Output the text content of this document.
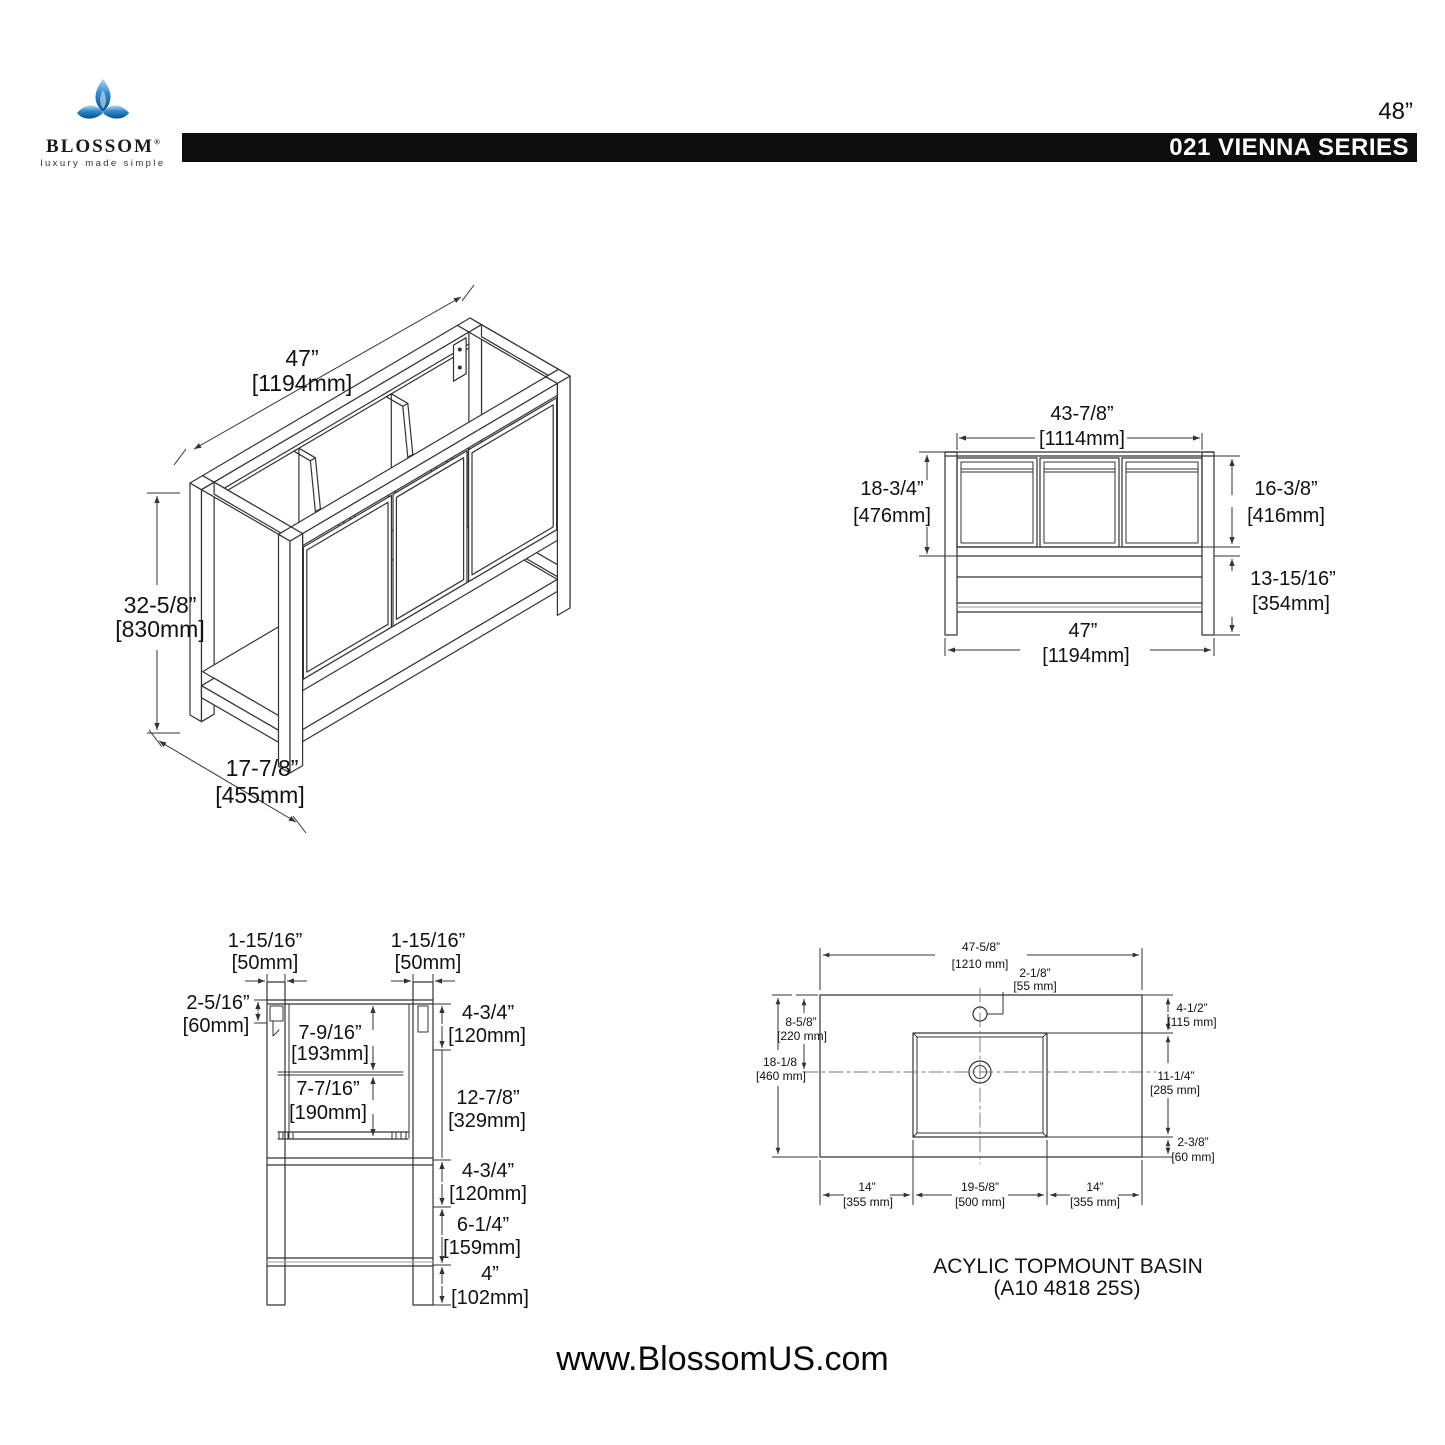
BLOSSOM®
luxury made simple
021 VIENNA SERIES
48”
47”
[1194mm]
32-5/8”
[830mm]
17-7/8”
[455mm]
43-7/8”
[1114mm]
18-3/4”
[476mm]
16-3/8”
[416mm]
13-15/16”
[354mm]
47”
[1194mm]
1-15/16”
[50mm]
1-15/16”
[50mm]
2-5/16”
[60mm] 7-9/16”
[193mm]
7-7/16”
[190mm]
4-3/4”
[120mm]
12-7/8”
[329mm]
4-3/4”
[120mm]
6-1/4”
[159mm]
4”
[102mm]
47-5/8”
[1210 mm]
2-1/8”
[55 mm]
8-5/8”
[220 mm]
18-1/8
[460 mm]
4-1/2”
[115 mm]
11-1/4”
[285 mm]
2-3/8”
[60 mm]
14”
[355 mm]
19-5/8”
[500 mm]
14”
[355 mm]
ACYLIC TOPMOUNT BASIN
(A10 4818 25S)
www.BlossomUS.com
